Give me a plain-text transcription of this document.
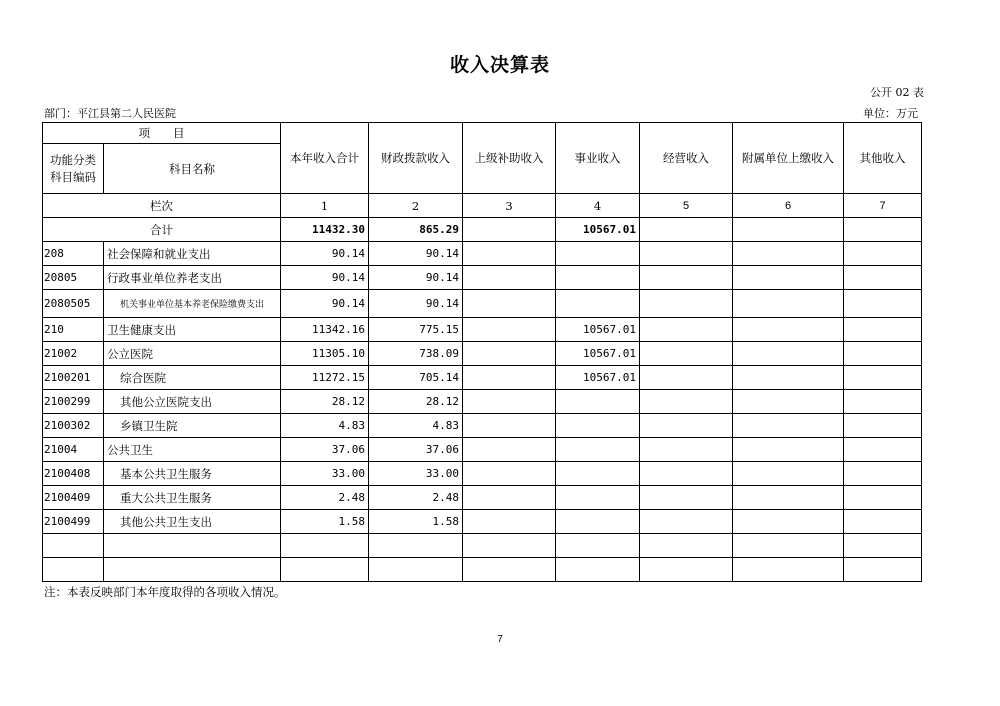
收入决算表
公开 02 表
部门：平江县第二人民医院	单位：万元
项　　目		本年收入合计	财政拨款收入	上级补助收入	事业收入	经营收入	附属单位上缴收入	其他收入
功能分类
科目编码	科目名称							
栏次		1	2	3	4	5	6	7
合计		11432.30	865.29		10567.01			
208	社会保障和就业支出	90.14	90.14					
20805	行政事业单位养老支出	90.14	90.14					
2080505	机关事业单位基本养老保险缴费支出	90.14	90.14					
210	卫生健康支出	11342.16	775.15		10567.01			
21002	公立医院	11305.10	738.09		10567.01			
2100201	综合医院	11272.15	705.14		10567.01			
2100299	其他公立医院支出	28.12	28.12					
2100302	乡镇卫生院	4.83	4.83					
21004	公共卫生	37.06	37.06					
2100408	基本公共卫生服务	33.00	33.00					
2100409	重大公共卫生服务	2.48	2.48					
2100499	其他公共卫生支出	1.58	1.58					

注：本表反映部门本年度取得的各项收入情况。
7
